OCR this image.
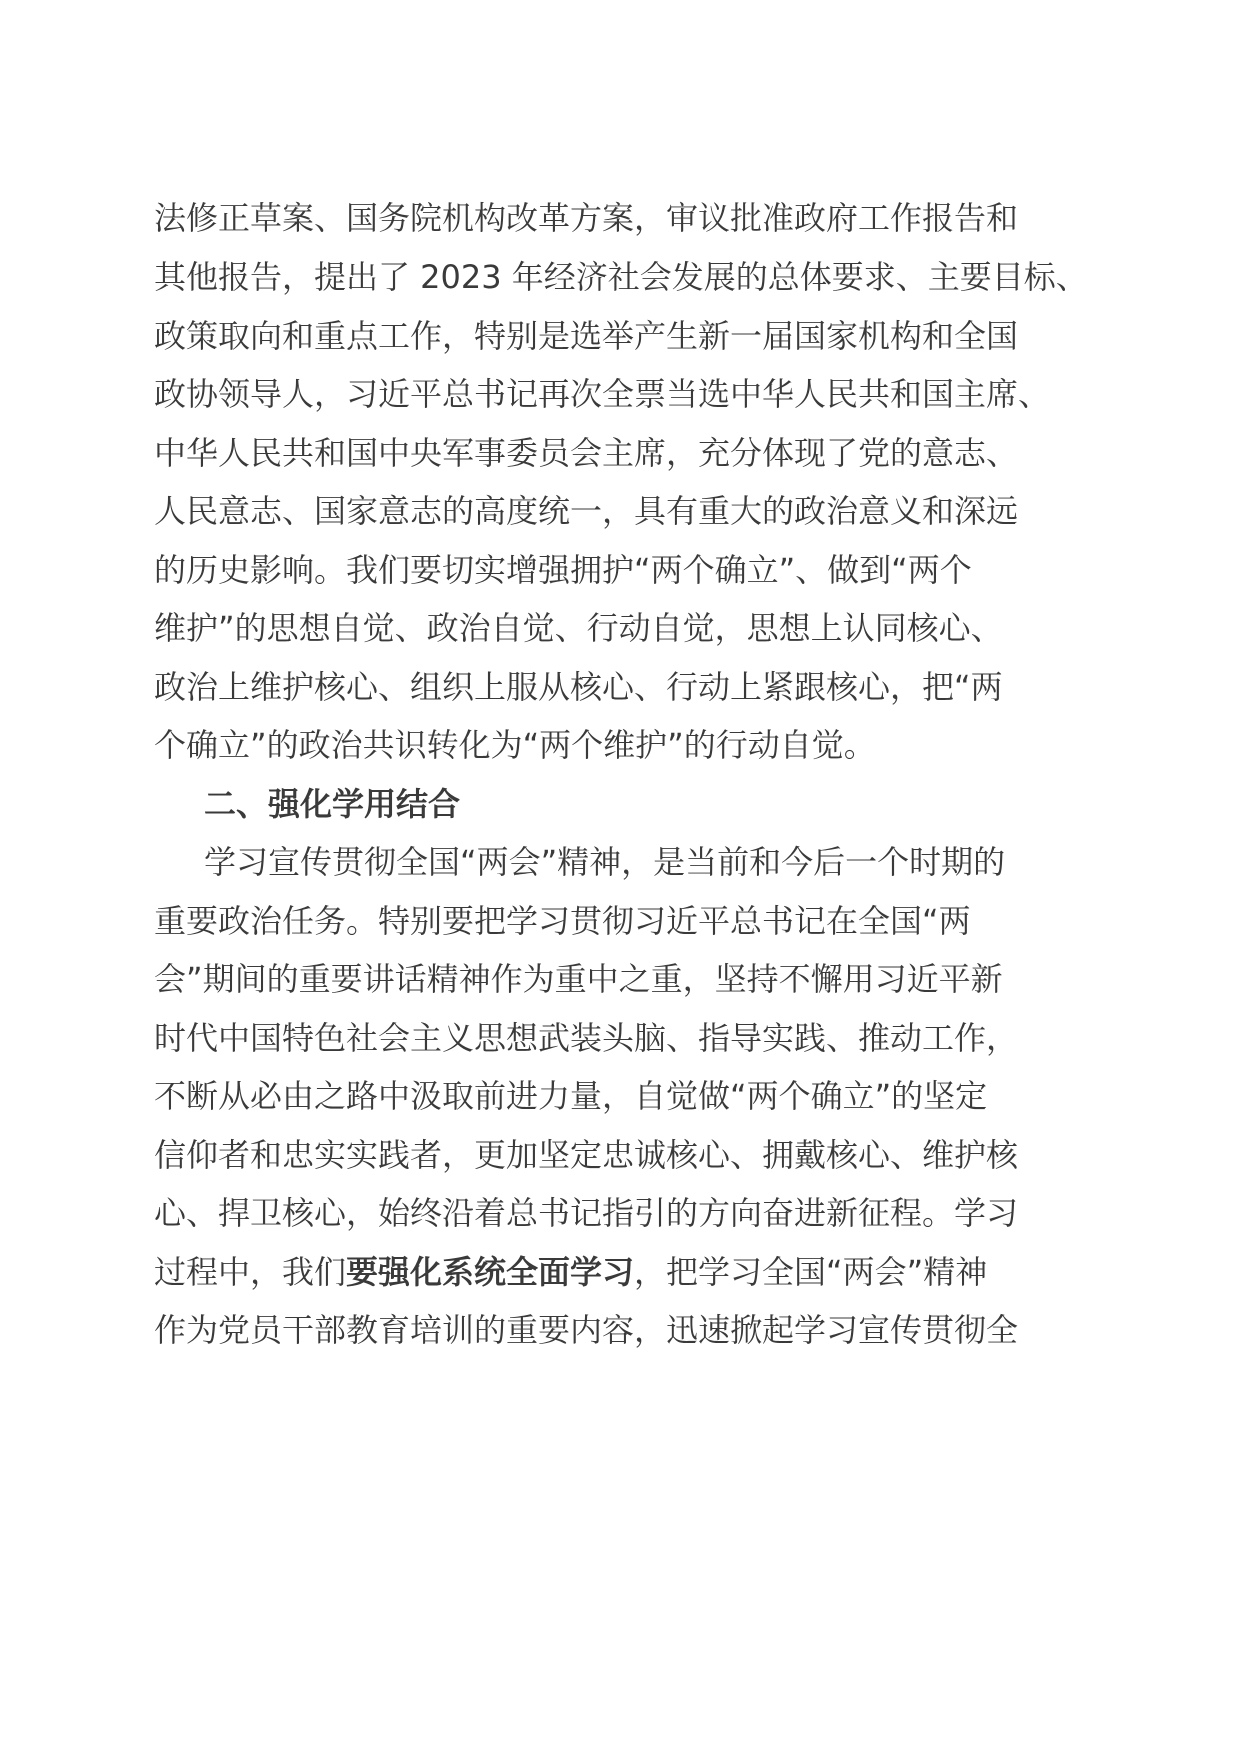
法修正草案、国务院机构改革方案，审议批准政府工作报告和
其他报告，提出了 2023 年经济社会发展的总体要求、主要目标、
政策取向和重点工作，特别是选举产生新一届国家机构和全国
政协领导人，习近平总书记再次全票当选中华人民共和国主席、
中华人民共和国中央军事委员会主席，充分体现了党的意志、
人民意志、国家意志的高度统一，具有重大的政治意义和深远
的历史影响。我们要切实增强拥护“两个确立”、做到“两个
维护”的思想自觉、政治自觉、行动自觉，思想上认同核心、
政治上维护核心、组织上服从核心、行动上紧跟核心，把“两
个确立”的政治共识转化为“两个维护”的行动自觉。
二、强化学用结合
学习宣传贯彻全国“两会”精神，是当前和今后一个时期的
重要政治任务。特别要把学习贯彻习近平总书记在全国“两
会”期间的重要讲话精神作为重中之重，坚持不懈用习近平新
时代中国特色社会主义思想武装头脑、指导实践、推动工作，
不断从必由之路中汲取前进力量，自觉做“两个确立”的坚定
信仰者和忠实实践者，更加坚定忠诚核心、拥戴核心、维护核
心、捍卫核心，始终沿着总书记指引的方向奋进新征程。学习
过程中，我们要强化系统全面学习，把学习全国“两会”精神
作为党员干部教育培训的重要内容，迅速掀起学习宣传贯彻全
